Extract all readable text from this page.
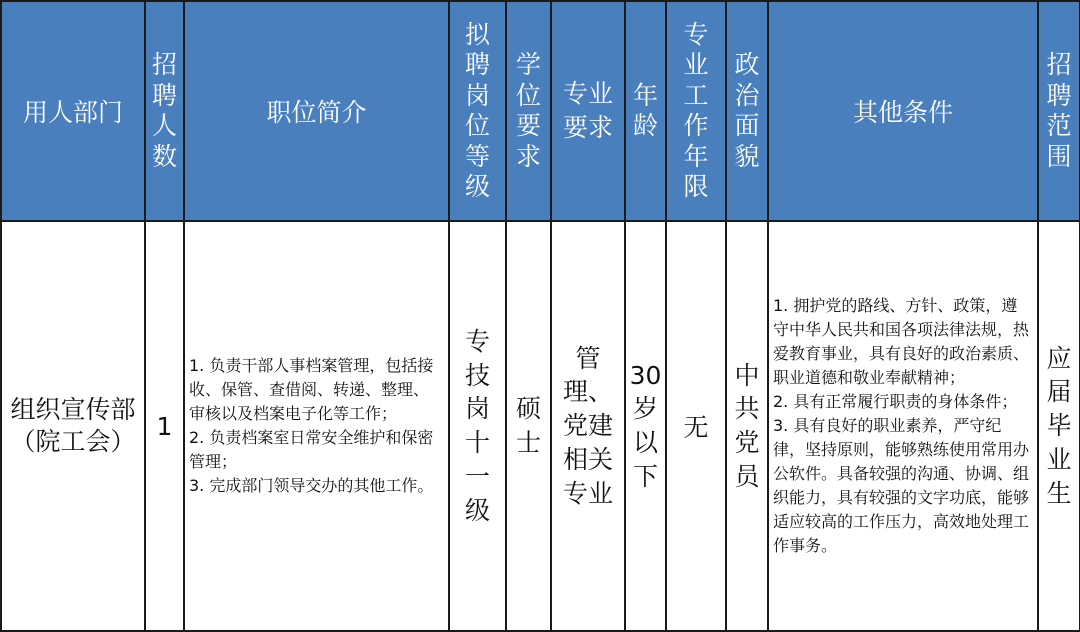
用人部门	招聘人数	职位简介	拟聘岗位等级	学位要求	专业要求	年龄	专业工作年限	政治面貌	其他条件	招聘范围
组织宣传部（院工会）	1	1. 负责干部人事档案管理，包括接收、保管、查借阅、转递、整理、审核以及档案电子化等工作；
2. 负责档案室日常安全维护和保密管理；
3. 完成部门领导交办的其他工作。	专技岗十一级	硕士	管理、党建相关专业	30岁以下	无	中共党员	1. 拥护党的路线、方针、政策，遵守中华人民共和国各项法律法规，热爱教育事业，具有良好的政治素质、职业道德和敬业奉献精神；
2. 具有正常履行职责的身体条件；
3. 具有良好的职业素养，严守纪律，坚持原则，能够熟练使用常用办公软件。具备较强的沟通、协调、组织能力，具有较强的文字功底，能够适应较高的工作压力，高效地处理工作事务。	应届毕业生
